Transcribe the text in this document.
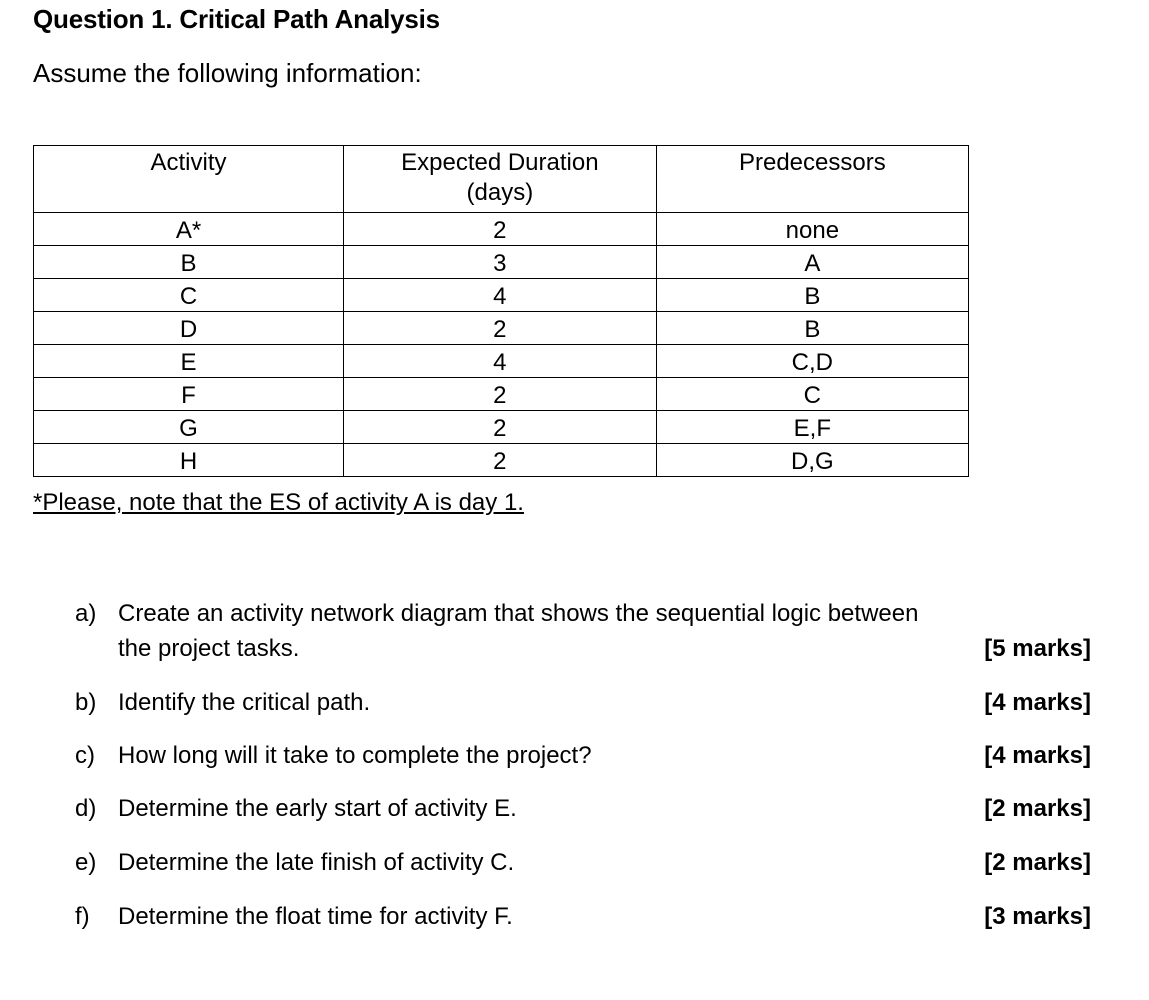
Question 1. Critical Path Analysis
Assume the following information:
Activity	Expected Duration (days)	Predecessors
A*	2	none
B	3	A
C	4	B
D	2	B
E	4	C,D
F	2	C
G	2	E,F
H	2	D,G
*Please, note that the ES of activity A is day 1.
a) Create an activity network diagram that shows the sequential logic between
the project tasks.	[5 marks]
b) Identify the critical path.	[4 marks]
c) How long will it take to complete the project?	[4 marks]
d) Determine the early start of activity E.	[2 marks]
e) Determine the late finish of activity C.	[2 marks]
f) Determine the float time for activity F.	[3 marks]
